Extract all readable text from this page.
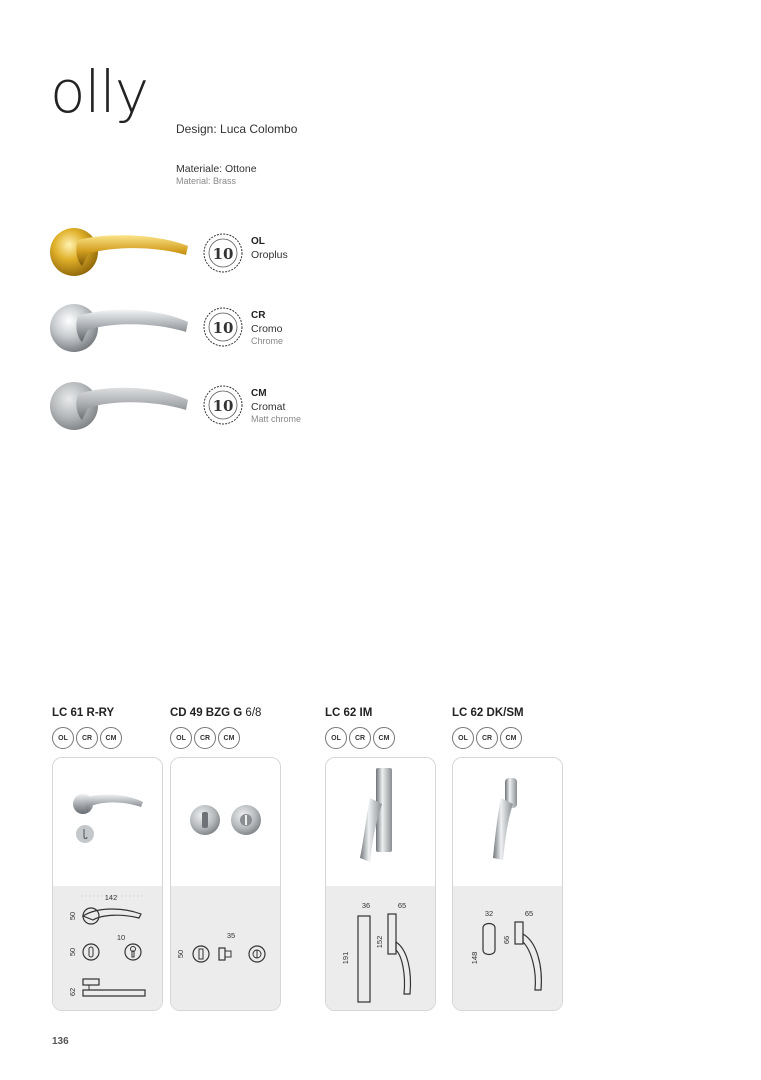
olly
Design: Luca Colombo
Materiale: Ottone
Material: Brass
10
OL
Oroplus
10
CR
Cromo
Chrome
10
CM
Cromat
Matt chrome
LC 61 R-RY
OL	CR	CM
142
50
50
10
62
CD 49 BZG G 6/8
OL	CR	CM
35
50
LC 62 IM
OL	CR	CM
36	65
191
152
LC 62 DK/SM
OL	CR	CM
32	65
148
66
136
